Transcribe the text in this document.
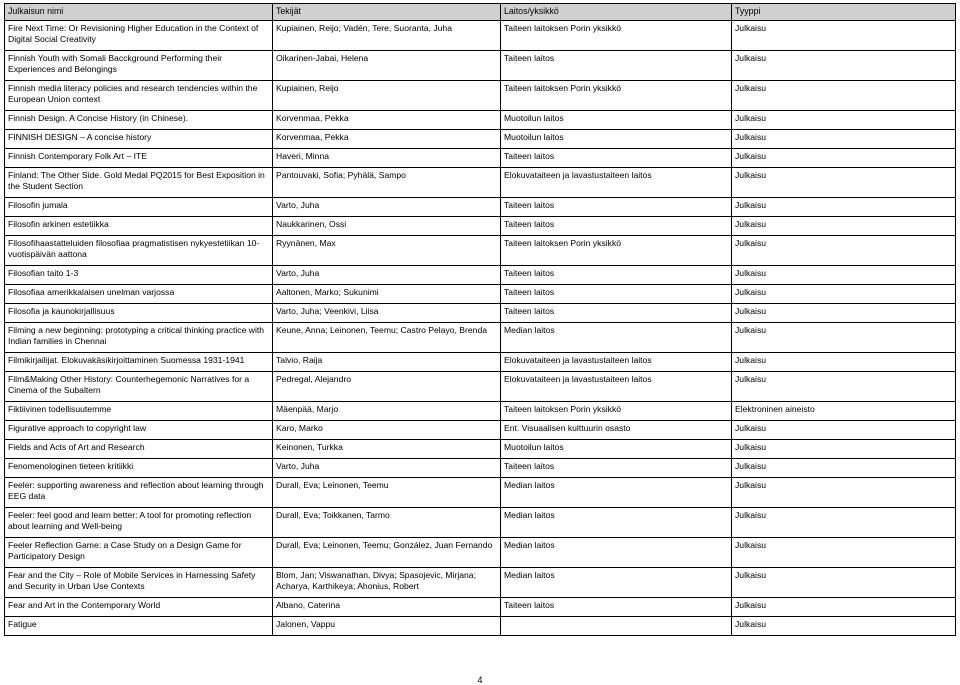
Julkaisun nimi	Tekijät	Laitos/yksikkö	Tyyppi
Fire Next Time: Or Revisioning Higher Education in the Context of Digital Social Creativity	Kupiainen, Reijo; Vadén, Tere, Suoranta, Juha	Taiteen laitoksen Porin yksikkö	Julkaisu
Finnish Youth with Somali Bacckground Performing their Experiences and Belongings	Oikarinen-Jabai, Helena	Taiteen laitos	Julkaisu
Finnish media literacy policies and research tendencies within the European Union context	Kupiainen, Reijo	Taiteen laitoksen Porin yksikkö	Julkaisu
Finnish Design. A Concise History (in Chinese).	Korvenmaa, Pekka	Muotoilun laitos	Julkaisu
FINNISH DESIGN – A concise history	Korvenmaa, Pekka	Muotoilun laitos	Julkaisu
Finnish Contemporary Folk Art – ITE	Haveri, Minna	Taiteen laitos	Julkaisu
Finland: The Other Side. Gold Medal PQ2015 for Best Exposition in the Student Section	Pantouvaki, Sofia; Pyhälä, Sampo	Elokuvataiteen ja lavastustaiteen laitos	Julkaisu
Filosofin jumala	Varto, Juha	Taiteen laitos	Julkaisu
Filosofin arkinen estetiikka	Naukkarinen, Ossi	Taiteen laitos	Julkaisu
Filosofihaastatteluiden filosofiaa pragmatistisen nykyestetiikan 10-vuotispäivän aattona	Ryynänen, Max	Taiteen laitoksen Porin yksikkö	Julkaisu
Filosofian taito 1-3	Varto, Juha	Taiteen laitos	Julkaisu
Filosofiaa amerikkalaisen unelman varjossa	Aaltonen, Marko; Sukunimi	Taiteen laitos	Julkaisu
Filosofia ja kaunokirjallisuus	Varto, Juha; Veenkivi, Liisa	Taiteen laitos	Julkaisu
Filming a new beginning: prototyping a critical thinking practice with Indian families in Chennai	Keune, Anna; Leinonen, Teemu; Castro Pelayo, Brenda	Median laitos	Julkaisu
Filmikirjailijat. Elokuvakäsikirjoittaminen Suomessa 1931-1941	Talvio, Raija	Elokuvataiteen ja lavastustaiteen laitos	Julkaisu
Film&Making Other History: Counterhegemonic Narratives for a Cinema of the Subaltern	Pedregal, Alejandro	Elokuvataiteen ja lavastustaiteen laitos	Julkaisu
Fiktiivinen todellisuutemme	Mäenpää, Marjo	Taiteen laitoksen Porin yksikkö	Elektroninen aineisto
Figurative approach to copyright law	Karo, Marko	Ent. Visuaalisen kulttuurin osasto	Julkaisu
Fields and Acts of Art and Research	Keinonen, Turkka	Muotoilun laitos	Julkaisu
Fenomenologinen tieteen kritiikki	Varto, Juha	Taiteen laitos	Julkaisu
Feeler: supporting awareness and reflection about learning through EEG data	Durall, Eva; Leinonen, Teemu	Median laitos	Julkaisu
Feeler: feel good and learn better: A tool for promoting reflection about learning and Well-being	Durall, Eva; Toikkanen, Tarmo	Median laitos	Julkaisu
Feeler Reflection Game: a Case Study on a Design Game for Participatory Design	Durall, Eva; Leinonen, Teemu; González, Juan Fernando	Median laitos	Julkaisu
Fear and the City – Role of Mobile Services in Harnessing Safety and Security in Urban Use Contexts	Blom, Jan; Viswanathan, Divya; Spasojevic, Mirjana; Acharya, Karthikeya; Ahonius, Robert	Median laitos	Julkaisu
Fear and Art in the Contemporary World	Albano, Caterina	Taiteen laitos	Julkaisu
Fatigue	Jalonen, Vappu		Julkaisu
4
